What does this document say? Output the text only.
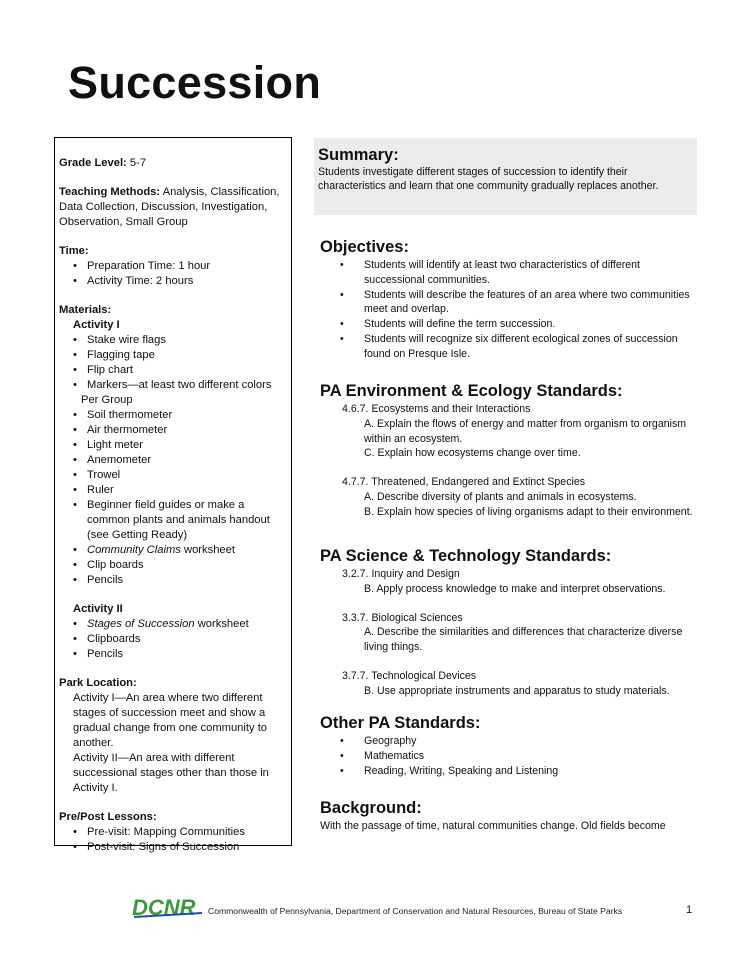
Succession
Grade Level: 5-7
Teaching Methods: Analysis, Classification, Data Collection, Discussion, Investigation, Observation, Small Group
Time:
• Preparation Time: 1 hour
• Activity Time: 2 hours
Materials:
Activity I
• Stake wire flags
• Flagging tape
• Flip chart
• Markers—at least two different colors
Per Group
• Soil thermometer
• Air thermometer
• Light meter
• Anemometer
• Trowel
• Ruler
• Beginner field guides or make a common plants and animals handout (see Getting Ready)
• Community Claims worksheet
• Clip boards
• Pencils
Activity II
• Stages of Succession worksheet
• Clipboards
• Pencils
Park Location:
Activity I—An area where two different stages of succession meet and show a gradual change from one community to another.
Activity II—An area with different successional stages other than those in Activity I.
Pre/Post Lessons:
• Pre-visit: Mapping Communities
• Post-visit: Signs of Succession
Summary:

Students investigate different stages of succession to identify their characteristics and learn that one community gradually replaces another.

Objectives:
• Students will identify at least two characteristics of different successional communities.
• Students will describe the features of an area where two communities meet and overlap.
• Students will define the term succession.
• Students will recognize six different ecological zones of succession found on Presque Isle.
PA Environment & Ecology Standards:
4.6.7. Ecosystems and their Interactions
A. Explain the flows of energy and matter from organism to organism within an ecosystem.
C. Explain how ecosystems change over time.
4.7.7. Threatened, Endangered and Extinct Species
A. Describe diversity of plants and animals in ecosystems.
B. Explain how species of living organisms adapt to their environment.
PA Science & Technology Standards:
3.2.7. Inquiry and Design
B. Apply process knowledge to make and interpret observations.
3.3.7. Biological Sciences
A. Describe the similarities and differences that characterize diverse living things.
3.7.7. Technological Devices
B. Use appropriate instruments and apparatus to study materials.
Other PA Standards:
• Geography
• Mathematics
• Reading, Writing, Speaking and Listening
Background:
With the passage of time, natural communities change. Old fields become
DCNR Commonwealth of Pennsylvania, Department of Conservation and Natural Resources, Bureau of State Parks	1
